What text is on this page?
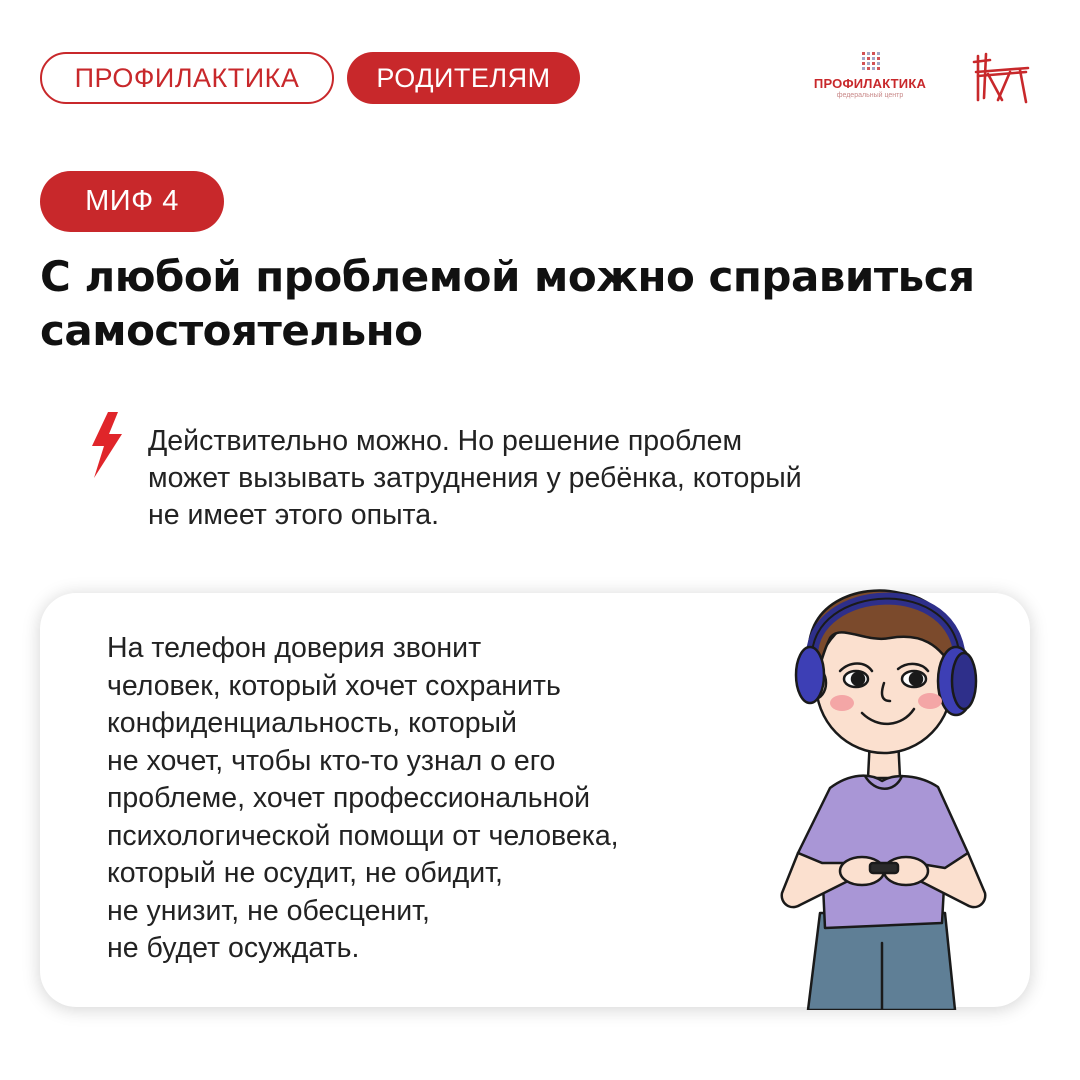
ПРОФИЛАКТИКА	РОДИТЕЛЯМ	ПРОФИЛАКТИКА
федеральный центр
МИФ 4
С любой проблемой можно справиться
самостоятельно
Действительно можно. Но решение проблем
может вызывать затруднения у ребёнка, который
не имеет этого опыта.
На телефон доверия звонит
человек, который хочет сохранить
конфиденциальность, который
не хочет, чтобы кто-то узнал о его
проблеме, хочет профессиональной
психологической помощи от человека,
который не осудит, не обидит,
не унизит, не обесценит,
не будет осуждать.
